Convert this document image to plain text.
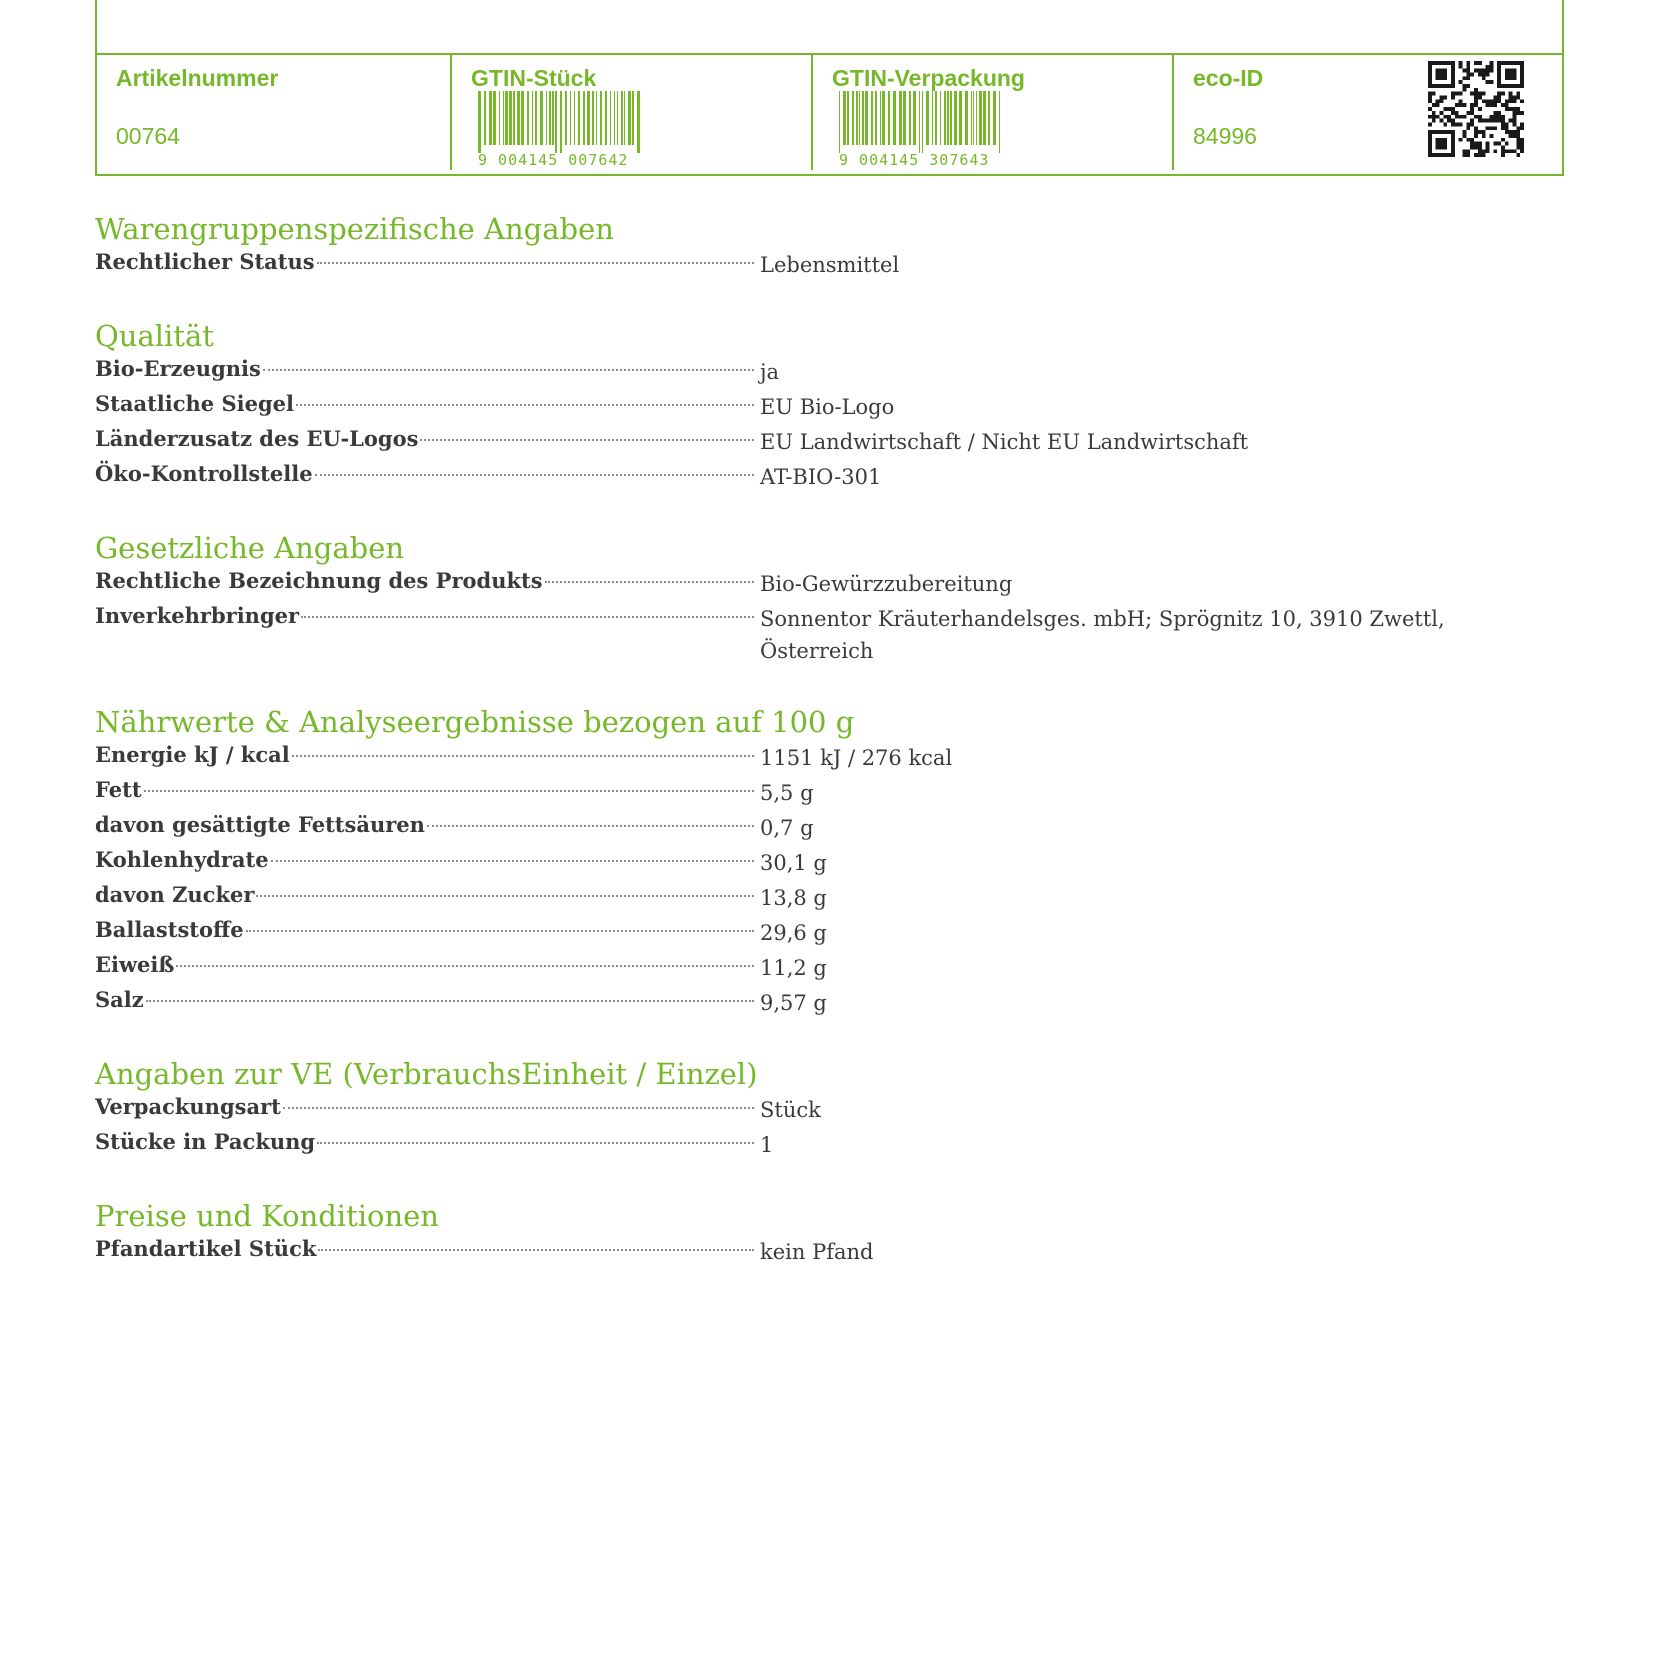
Artikelnummer
00764
GTIN-Stück
9 004145 007642
GTIN-Verpackung
9 004145 307643
eco-ID
84996
Warengruppenspezifische Angaben
Rechtlicher Status	Lebensmittel
Qualität
Bio-Erzeugnis	ja
Staatliche Siegel	EU Bio-Logo
Länderzusatz des EU-Logos	EU Landwirtschaft / Nicht EU Landwirtschaft
Öko-Kontrollstelle	AT-BIO-301
Gesetzliche Angaben
Rechtliche Bezeichnung des Produkts	Bio-Gewürzzubereitung
Inverkehrbringer	Sonnentor Kräuterhandelsges. mbH; Sprögnitz 10, 3910 Zwettl,
Österreich
Nährwerte & Analyseergebnisse bezogen auf 100 g
Energie kJ / kcal	1151 kJ / 276 kcal
Fett	5,5 g
davon gesättigte Fettsäuren	0,7 g
Kohlenhydrate	30,1 g
davon Zucker	13,8 g
Ballaststoffe	29,6 g
Eiweiß	11,2 g
Salz	9,57 g
Angaben zur VE (VerbrauchsEinheit / Einzel)
Verpackungsart	Stück
Stücke in Packung	1
Preise und Konditionen
Pfandartikel Stück	kein Pfand
